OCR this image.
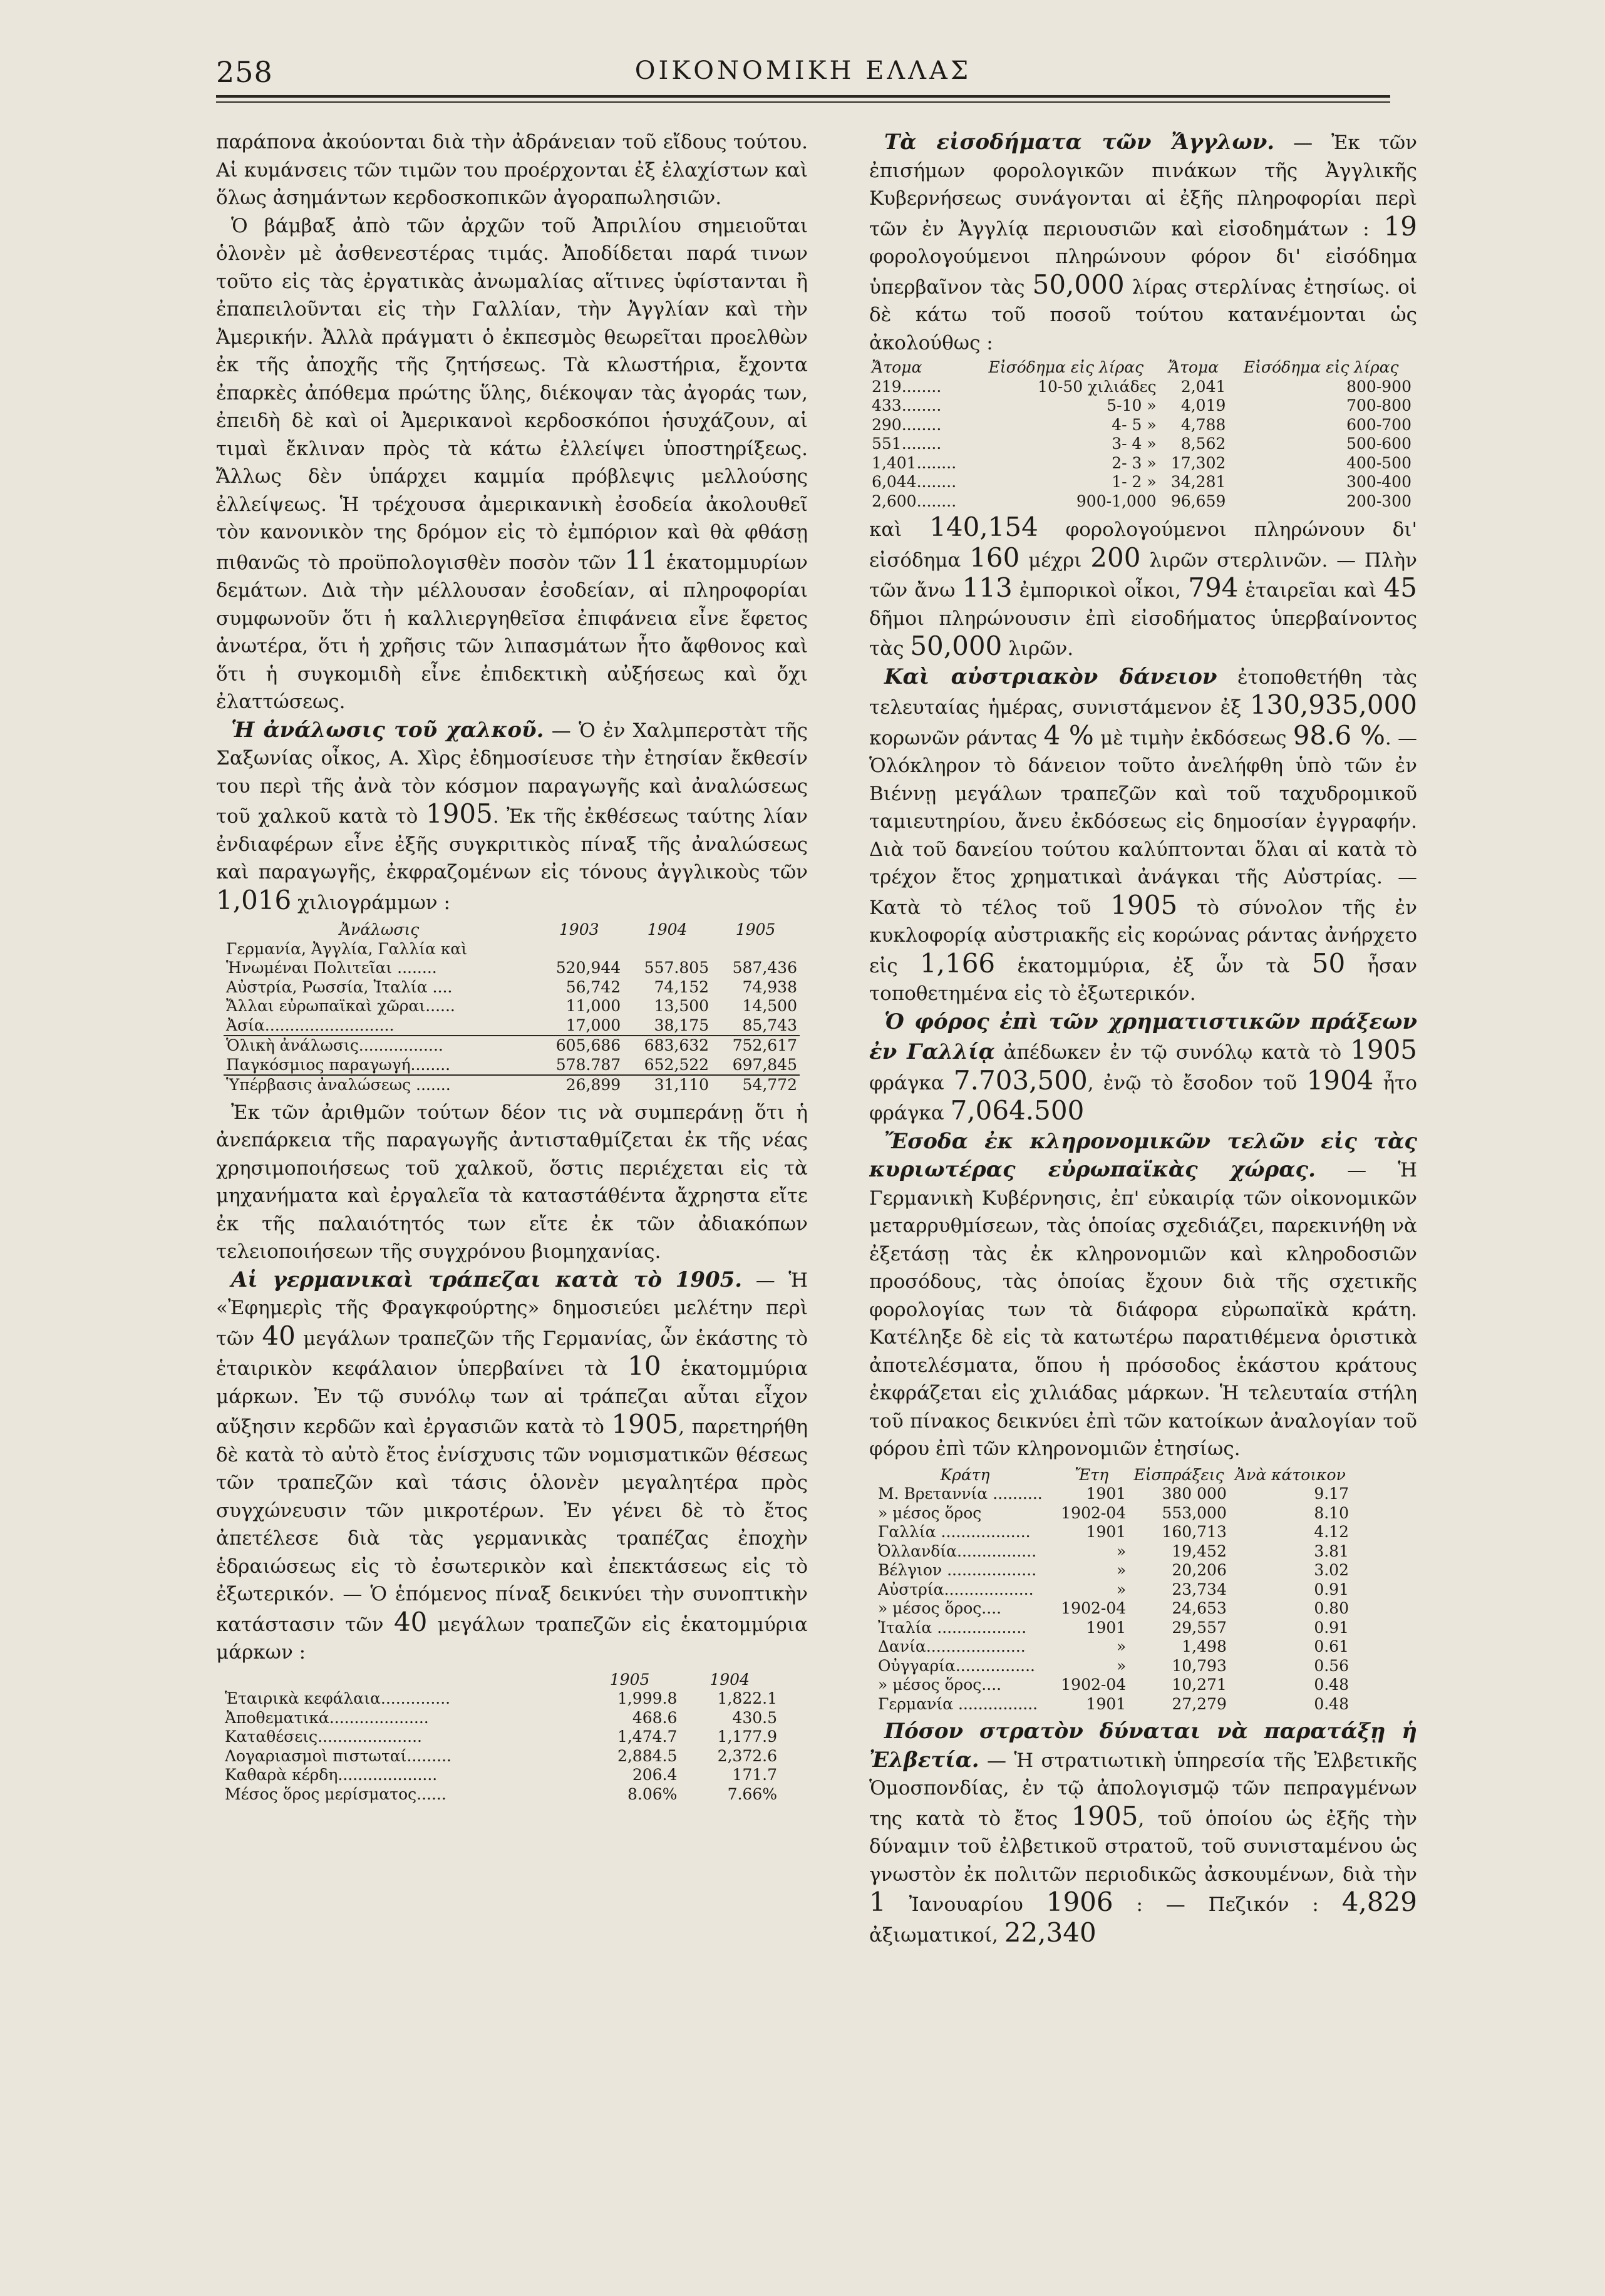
258	ΟΙΚΟΝΟΜΙΚΗ ΕΛΛΑΣ

παράπονα ἀκούονται διὰ τὴν ἀδράνειαν τοῦ εἴδους τούτου. Αἱ κυμάνσεις τῶν τιμῶν του προέρχονται ἐξ ἐλαχίστων καὶ ὅλως ἀσημάντων κερδοσκοπικῶν ἀγοραπωλησιῶν.

Ὁ βάμβαξ ἀπὸ τῶν ἀρχῶν τοῦ Ἀπριλίου σημειοῦται ὁλονὲν μὲ ἀσθενεστέρας τιμάς. Ἀποδίδεται παρά τινων τοῦτο εἰς τὰς ἐργατικὰς ἀνωμαλίας αἵτινες ὑφίστανται ἢ ἐπαπειλοῦνται εἰς τὴν Γαλλίαν, τὴν Ἀγγλίαν καὶ τὴν Ἀμερικήν. Ἀλλὰ πράγματι ὁ ἐκπεσμὸς θεωρεῖται προελθὼν ἐκ τῆς ἀποχῆς τῆς ζητήσεως. Τὰ κλωστήρια, ἔχοντα ἐπαρκὲς ἀπόθεμα πρώτης ὕλης, διέκοψαν τὰς ἀγοράς των, ἐπειδὴ δὲ καὶ οἱ Ἀμερικανοὶ κερδοσκόποι ἡσυχάζουν, αἱ τιμαὶ ἔκλιναν πρὸς τὰ κάτω ἐλλείψει ὑποστηρίξεως. Ἄλλως δὲν ὑπάρχει καμμία πρόβλεψις μελλούσης ἐλλείψεως. Ἡ τρέχουσα ἀμερικανικὴ ἐσοδεία ἀκολουθεῖ τὸν κανονικὸν της δρόμον εἰς τὸ ἐμπόριον καὶ θὰ φθάσῃ πιθανῶς τὸ προϋπολογισθὲν ποσὸν τῶν 11 ἑκατομμυρίων δεμάτων. Διὰ τὴν μέλλουσαν ἐσοδείαν, αἱ πληροφορίαι συμφωνοῦν ὅτι ἡ καλλιεργηθεῖσα ἐπιφάνεια εἶνε ἔφετος ἀνωτέρα, ὅτι ἡ χρῆσις τῶν λιπασμάτων ἦτο ἄφθονος καὶ ὅτι ἡ συγκομιδὴ εἶνε ἐπιδεκτικὴ αὐξήσεως καὶ ὄχι ἐλαττώσεως.

Ἡ ἀνάλωσις τοῦ χαλκοῦ. — Ὁ ἐν Χαλμπερστὰτ τῆς Σαξωνίας οἶκος, Α. Χὶρς ἐδημοσίευσε τὴν ἐτησίαν ἔκθεσίν του περὶ τῆς ἀνὰ τὸν κόσμον παραγωγῆς καὶ ἀναλώσεως τοῦ χαλκοῦ κατὰ τὸ 1905. Ἐκ τῆς ἐκθέσεως ταύτης λίαν ἐνδιαφέρων εἶνε ἐξῆς συγκριτικὸς πίναξ τῆς ἀναλώσεως καὶ παραγωγῆς, ἐκφραζομένων εἰς τόνους ἀγγλικοὺς τῶν 1,016 χιλιογράμμων :

Ἀνάλωσις	1903	1904	1905
Γερμανία, Ἀγγλία, Γαλλία καὶ			
Ἡνωμέναι Πολιτεῖαι ........	520,944	557.805	587,436
Αὐστρία, Ρωσσία, Ἰταλία ....	56,742	74,152	74,938
Ἄλλαι εὐρωπαϊκαὶ χῶραι......	11,000	13,500	14,500
Ἀσία..........................	17,000	38,175	85,743
Ὁλικὴ ἀνάλωσις.................	605,686	683,632	752,617
Παγκόσμιος παραγωγή........	578.787	652,522	697,845
Ὑπέρβασις ἀναλώσεως .......	26,899	31,110	54,772

Ἐκ τῶν ἀριθμῶν τούτων δέον τις νὰ συμπεράνῃ ὅτι ἡ ἀνεπάρκεια τῆς παραγωγῆς ἀντισταθμίζεται ἐκ τῆς νέας χρησιμοποιήσεως τοῦ χαλκοῦ, ὅστις περιέχεται εἰς τὰ μηχανήματα καὶ ἐργαλεῖα τὰ καταστάθέντα ἄχρηστα εἴτε ἐκ τῆς παλαιότητός των εἴτε ἐκ τῶν ἀδιακόπων τελειοποιήσεων τῆς συγχρόνου βιομηχανίας.

Αἱ γερμανικαὶ τράπεζαι κατὰ τὸ 1905. — Ἡ «Ἐφημερὶς τῆς Φραγκφούρτης» δημοσιεύει μελέτην περὶ τῶν 40 μεγάλων τραπεζῶν τῆς Γερμανίας, ὧν ἑκάστης τὸ ἑταιρικὸν κεφάλαιον ὑπερβαίνει τὰ 10 ἑκατομμύρια μάρκων. Ἐν τῷ συνόλῳ των αἱ τράπεζαι αὗται εἶχον αὔξησιν κερδῶν καὶ ἐργασιῶν κατὰ τὸ 1905, παρετηρήθη δὲ κατὰ τὸ αὐτὸ ἔτος ἐνίσχυσις τῶν νομισματικῶν θέσεως τῶν τραπεζῶν καὶ τάσις ὁλονὲν μεγαλητέρα πρὸς συγχώνευσιν τῶν μικροτέρων. Ἐν γένει δὲ τὸ ἔτος ἀπετέλεσε διὰ τὰς γερμανικὰς τραπέζας ἐποχὴν ἑδραιώσεως εἰς τὸ ἐσωτερικὸν καὶ ἐπεκτάσεως εἰς τὸ ἐξωτερικόν. — Ὁ ἑπόμενος πίναξ δεικνύει τὴν συνοπτικὴν κατάστασιν τῶν 40 μεγάλων τραπεζῶν εἰς ἑκατομμύρια μάρκων :

	1905	1904
Ἑταιρικὰ κεφάλαια..............	1,999.8	1,822.1
Ἀποθεματικά....................	468.6	430.5
Καταθέσεις.....................	1,474.7	1,177.9
Λογαριασμοὶ πιστωταί.........	2,884.5	2,372.6
Καθαρὰ κέρδη....................	206.4	171.7
Μέσος ὅρος μερίσματος......	8.06%	7.66%

Τὰ εἰσοδήματα τῶν Ἄγγλων. — Ἐκ τῶν ἐπισήμων φορολογικῶν πινάκων τῆς Ἀγγλικῆς Κυβερνήσεως συνάγονται αἱ ἐξῆς πληροφορίαι περὶ τῶν ἐν Ἀγγλίᾳ περιουσιῶν καὶ εἰσοδημάτων : 19 φορολογούμενοι πληρώνουν φόρον δι' εἰσόδημα ὑπερβαῖνον τὰς 50,000 λίρας στερλίνας ἐτησίως. οἱ δὲ κάτω τοῦ ποσοῦ τούτου κατανέμονται ὡς ἀκολούθως :

Ἄτομα	Εἰσόδημα εἰς λίρας	Ἄτομα	Εἰσόδημα εἰς λίρας
219........	10-50 χιλιάδες	2,041	800-900
433........	5-10 »	4,019	700-800
290........	4- 5 »	4,788	600-700
551........	3- 4 »	8,562	500-600
1,401........	2- 3 »	17,302	400-500
6,044........	1- 2 »	34,281	300-400
2,600........	900-1,000	96,659	200-300

καὶ 140,154 φορολογούμενοι πληρώνουν δι' εἰσόδημα 160 μέχρι 200 λιρῶν στερλινῶν. — Πλὴν τῶν ἄνω 113 ἐμπορικοὶ οἶκοι, 794 ἑταιρεῖαι καὶ 45 δῆμοι πληρώνουσιν ἐπὶ εἰσοδήματος ὑπερβαίνοντος τὰς 50,000 λιρῶν.

Καὶ αὐστριακὸν δάνειον ἐτοποθετήθη τὰς τελευταίας ἡμέρας, συνιστάμενον ἐξ 130,935,000 κορωνῶν ράντας 4 % μὲ τιμὴν ἐκδόσεως 98.6 %. — Ὁλόκληρον τὸ δάνειον τοῦτο ἀνελήφθη ὑπὸ τῶν ἐν Βιέννῃ μεγάλων τραπεζῶν καὶ τοῦ ταχυδρομικοῦ ταμιευτηρίου, ἄνευ ἐκδόσεως εἰς δημοσίαν ἐγγραφήν. Διὰ τοῦ δανείου τούτου καλύπτονται ὅλαι αἱ κατὰ τὸ τρέχον ἔτος χρηματικαὶ ἀνάγκαι τῆς Αὐστρίας. — Κατὰ τὸ τέλος τοῦ 1905 τὸ σύνολον τῆς ἐν κυκλοφορίᾳ αὐστριακῆς εἰς κορώνας ράντας ἀνήρχετο εἰς 1,166 ἑκατομμύρια, ἐξ ὧν τὰ 50 ἦσαν τοποθετημένα εἰς τὸ ἐξωτερικόν.

Ὁ φόρος ἐπὶ τῶν χρηματιστικῶν πράξεων ἐν Γαλλίᾳ ἀπέδωκεν ἐν τῷ συνόλῳ κατὰ τὸ 1905 φράγκα 7.703,500, ἐνῷ τὸ ἔσοδον τοῦ 1904 ἦτο φράγκα 7,064.500

Ἔσοδα ἐκ κληρονομικῶν τελῶν εἰς τὰς κυριωτέρας εὐρωπαϊκὰς χώρας. — Ἡ Γερμανικὴ Κυβέρνησις, ἐπ' εὐκαιρίᾳ τῶν οἰκονομικῶν μεταρρυθμίσεων, τὰς ὁποίας σχεδιάζει, παρεκινήθη νὰ ἐξετάσῃ τὰς ἐκ κληρονομιῶν καὶ κληροδοσιῶν προσόδους, τὰς ὁποίας ἔχουν διὰ τῆς σχετικῆς φορολογίας των τὰ διάφορα εὐρωπαϊκὰ κράτη. Κατέληξε δὲ εἰς τὰ κατωτέρω παρατιθέμενα ὁριστικὰ ἀποτελέσματα, ὅπου ἡ πρόσοδος ἑκάστου κράτους ἐκφράζεται εἰς χιλιάδας μάρκων. Ἡ τελευταία στήλη τοῦ πίνακος δεικνύει ἐπὶ τῶν κατοίκων ἀναλογίαν τοῦ φόρου ἐπὶ τῶν κληρονομιῶν ἐτησίως.

Κράτη	Ἔτη	Εἰσπράξεις	Ἀνὰ κάτοικον
Μ. Βρεταννία ..........	1901	380 000	9.17
» μέσος ὅρος	1902-04	553,000	8.10
Γαλλία ..................	1901	160,713	4.12
Ὀλλανδία................	»	19,452	3.81
Βέλγιον ..................	»	20,206	3.02
Αὐστρία..................	»	23,734	0.91
» μέσος ὅρος....	1902-04	24,653	0.80
Ἰταλία ..................	1901	29,557	0.91
Δανία....................	»	1,498	0.61
Οὐγγαρία................	»	10,793	0.56
» μέσος ὅρος....	1902-04	10,271	0.48
Γερμανία ................	1901	27,279	0.48

Πόσον στρατὸν δύναται νὰ παρατάξῃ ἡ Ἐλβετία. — Ἡ στρατιωτικὴ ὑπηρεσία τῆς Ἐλβετικῆς Ὁμοσπονδίας, ἐν τῷ ἀπολογισμῷ τῶν πεπραγμένων της κατὰ τὸ ἔτος 1905, τοῦ ὁποίου ὡς ἐξῆς τὴν δύναμιν τοῦ ἐλβετικοῦ στρατοῦ, τοῦ συνισταμένου ὡς γνωστὸν ἐκ πολιτῶν περιοδικῶς ἀσκουμένων, διὰ τὴν 1 Ἰανουαρίου 1906 : — Πεζικόν : 4,829 ἀξιωματικοί, 22,340
